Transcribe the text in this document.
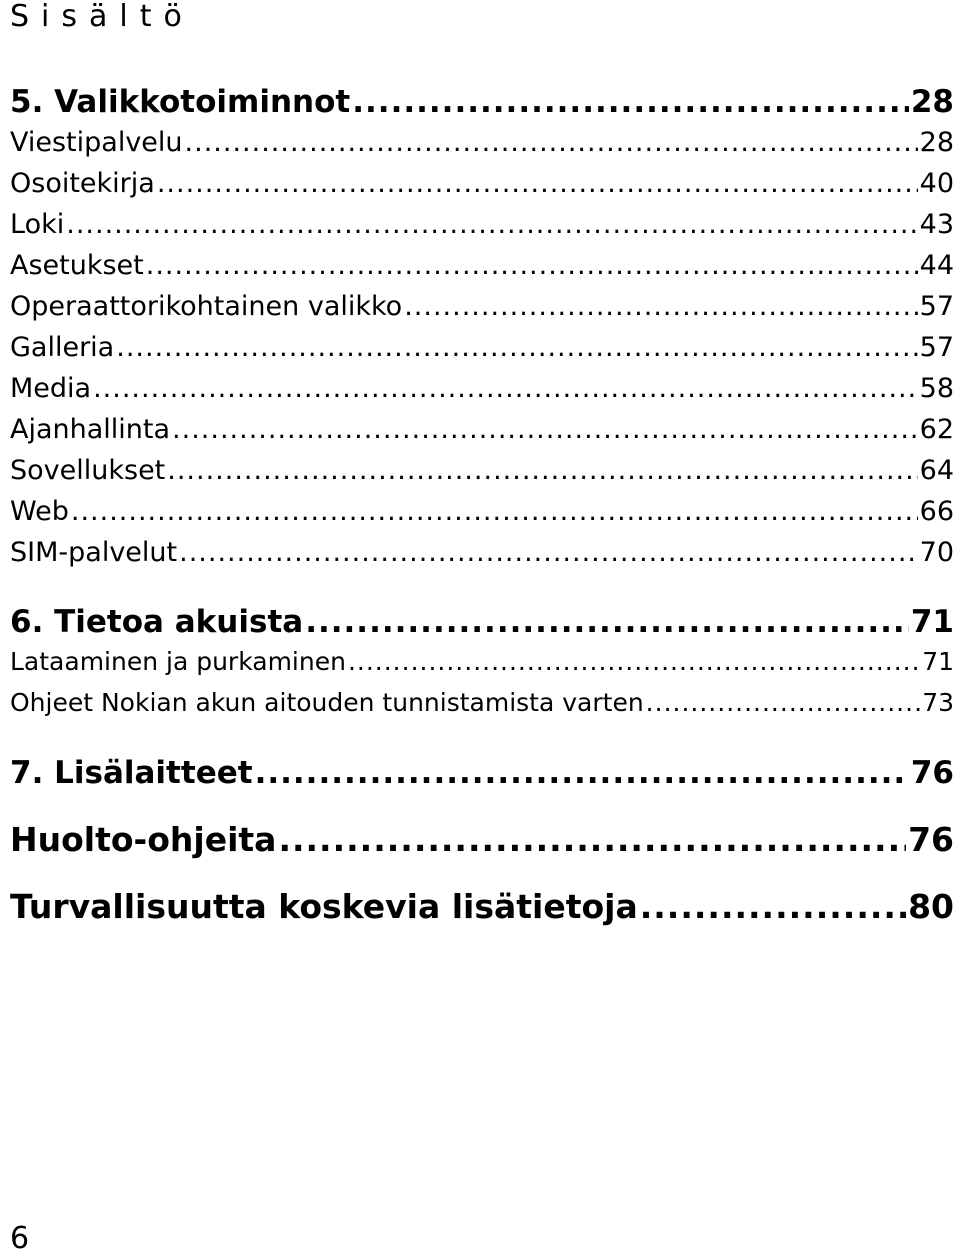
Sisältö
5. Valikkotoiminnot .....	28
Viestipalvelu .....	28
Osoitekirja .....	40
Loki .....	43
Asetukset .....	44
Operaattorikohtainen valikko .....	57
Galleria .....	57
Media .....	58
Ajanhallinta .....	62
Sovellukset .....	64
Web .....	66
SIM-palvelut .....	70
6. Tietoa akuista .....	71
Lataaminen ja purkaminen .....	71
Ohjeet Nokian akun aitouden tunnistamista varten .....	73
7. Lisälaitteet .....	76
Huolto-ohjeita .....	76
Turvallisuutta koskevia lisätietoja .....	80
6
